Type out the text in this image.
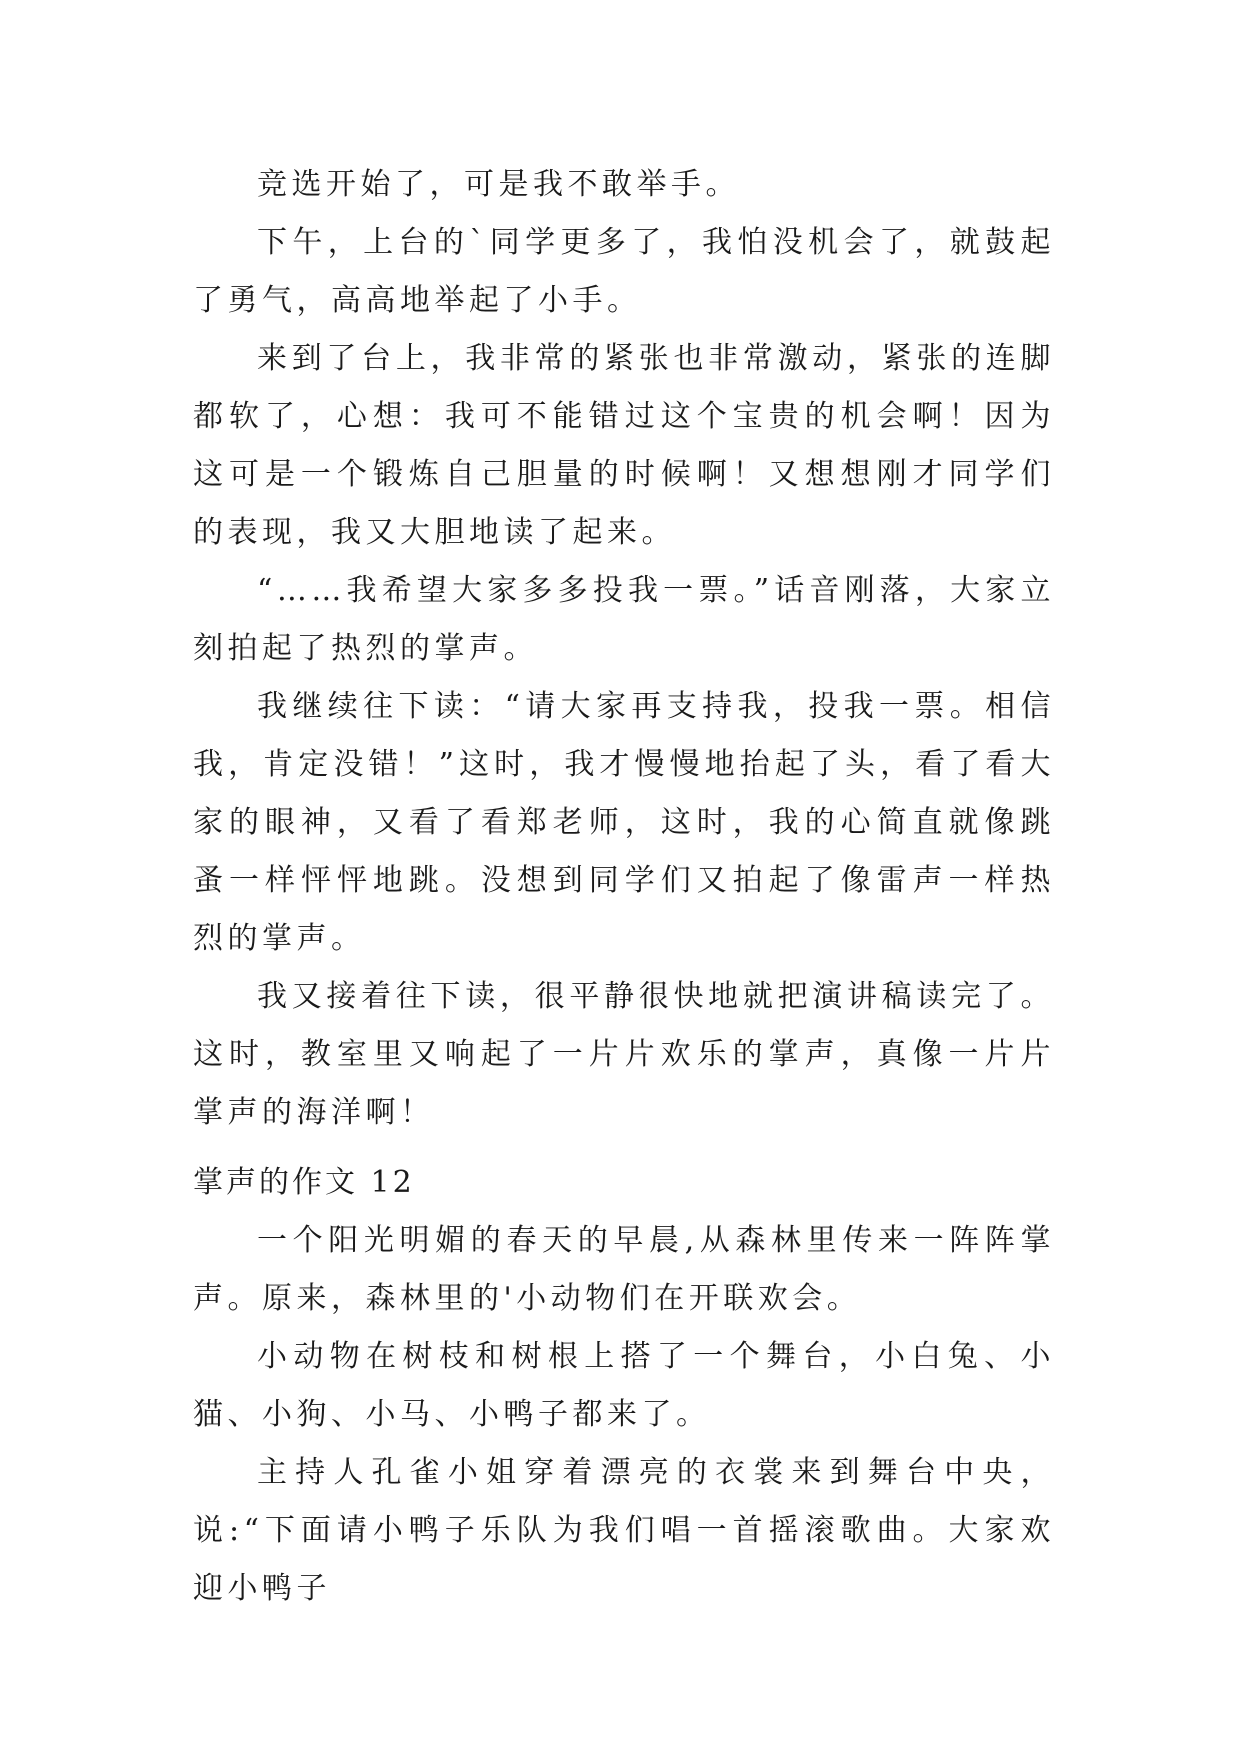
竞选开始了，可是我不敢举手。

下午，上台的`同学更多了，我怕没机会了，就鼓起了勇气，高高地举起了小手。

来到了台上，我非常的紧张也非常激动，紧张的连脚都软了，心想：我可不能错过这个宝贵的机会啊！因为这可是一个锻炼自己胆量的时候啊！又想想刚才同学们的表现，我又大胆地读了起来。

“……我希望大家多多投我一票。”话音刚落，大家立刻拍起了热烈的掌声。

我继续往下读：“请大家再支持我，投我一票。相信我，肯定没错！”这时，我才慢慢地抬起了头，看了看大家的眼神，又看了看郑老师，这时，我的心简直就像跳蚤一样怦怦地跳。没想到同学们又拍起了像雷声一样热烈的掌声。

我又接着往下读，很平静很快地就把演讲稿读完了。这时，教室里又响起了一片片欢乐的掌声，真像一片片掌声的海洋啊！

掌声的作文 12

一个阳光明媚的春天的早晨,从森林里传来一阵阵掌声。原来，森林里的'小动物们在开联欢会。

小动物在树枝和树根上搭了一个舞台，小白兔、小猫、小狗、小马、小鸭子都来了。

主持人孔雀小姐穿着漂亮的衣裳来到舞台中央，说:“下面请小鸭子乐队为我们唱一首摇滚歌曲。大家欢迎小鸭子
